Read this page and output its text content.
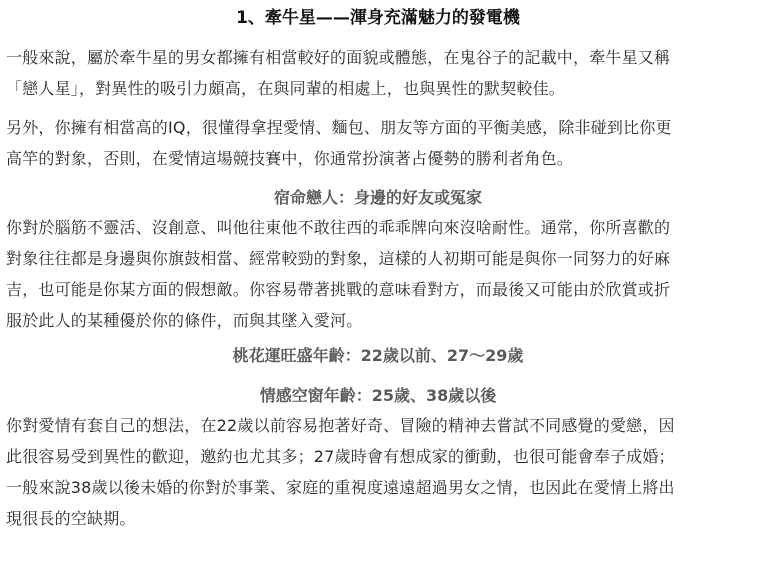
1、牽牛星——渾身充滿魅力的發電機

一般來說，屬於牽牛星的男女都擁有相當較好的面貌或體態，在鬼谷子的記載中，牽牛星又稱

「戀人星」，對異性的吸引力頗高，在與同輩的相處上，也與異性的默契較佳。

另外，你擁有相當高的IQ，很懂得拿捏愛情、麵包、朋友等方面的平衡美感，除非碰到比你更

高竿的對象，否則，在愛情這場競技賽中，你通常扮演著占優勢的勝利者角色。

宿命戀人：身邊的好友或冤家

你對於腦筋不靈活、沒創意、叫他往東他不敢往西的乖乖牌向來沒啥耐性。通常，你所喜歡的

對象往往都是身邊與你旗鼓相當、經常較勁的對象，這樣的人初期可能是與你一同努力的好麻

吉，也可能是你某方面的假想敵。你容易帶著挑戰的意味看對方，而最後又可能由於欣賞或折

服於此人的某種優於你的條件，而與其墜入愛河。

桃花運旺盛年齡：22歲以前、27～29歲
情感空窗年齡：25歲、38歲以後

你對愛情有套自己的想法，在22歲以前容易抱著好奇、冒險的精神去嘗試不同感覺的愛戀，因

此很容易受到異性的歡迎，邀約也尤其多；27歲時會有想成家的衝動，也很可能會奉子成婚；

一般來說38歲以後未婚的你對於事業、家庭的重視度遠遠超過男女之情，也因此在愛情上將出

現很長的空缺期。
